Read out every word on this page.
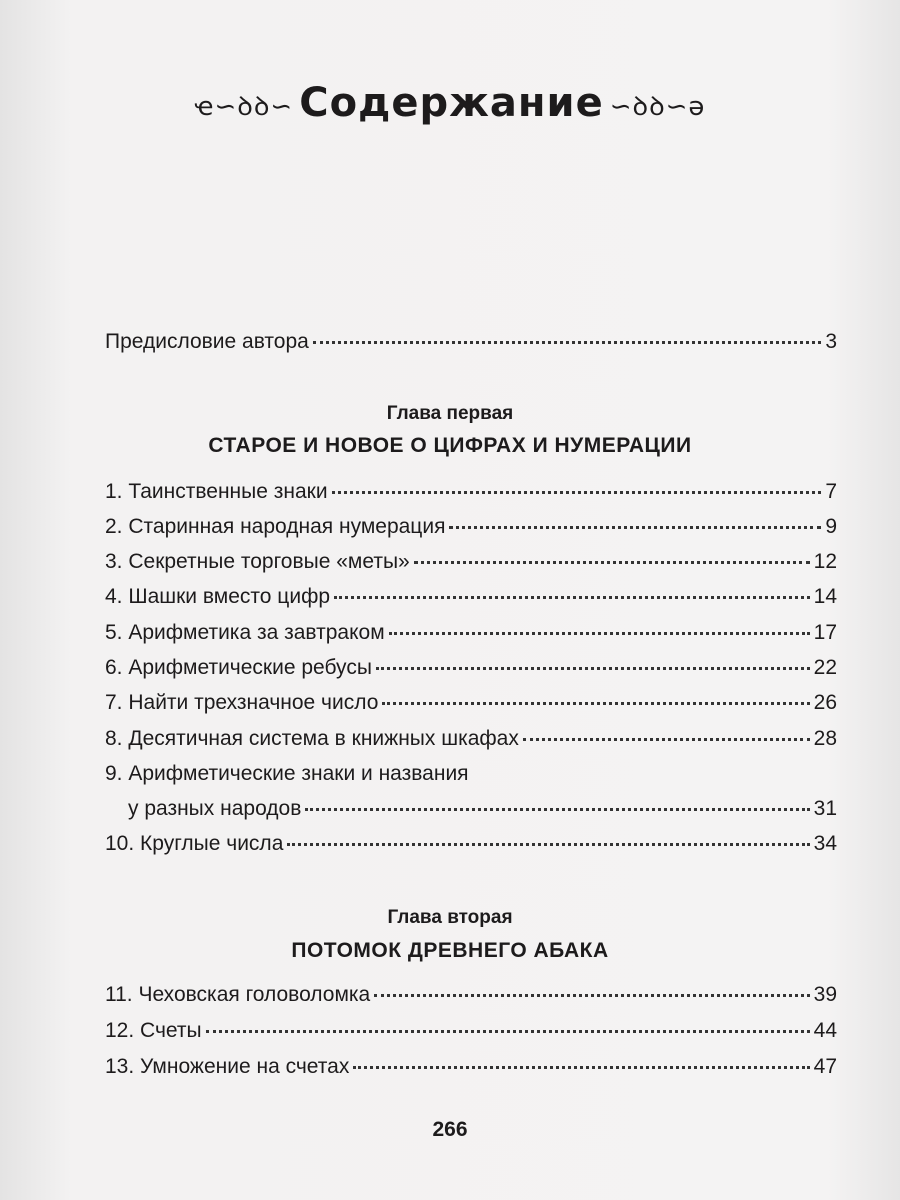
ҽ∽ꝺꝺ∽ Содержание ∽ꝺꝺ∽ə
Предисловие автора	3
Глава первая
СТАРОЕ И НОВОЕ О ЦИФРАХ И НУМЕРАЦИИ
1. Таинственные знаки	7
2. Старинная народная нумерация	9
3. Секретные торговые «меты»	12
4. Шашки вместо цифр	14
5. Арифметика за завтраком	17
6. Арифметические ребусы	22
7. Найти трехзначное число	26
8. Десятичная система в книжных шкафах	28
9. Арифметические знаки и названия
у разных народов	31
10. Круглые числа	34
Глава вторая
ПОТОМОК ДРЕВНЕГО АБАКА
11. Чеховская головоломка	39
12. Счеты	44
13. Умножение на счетах	47
266
